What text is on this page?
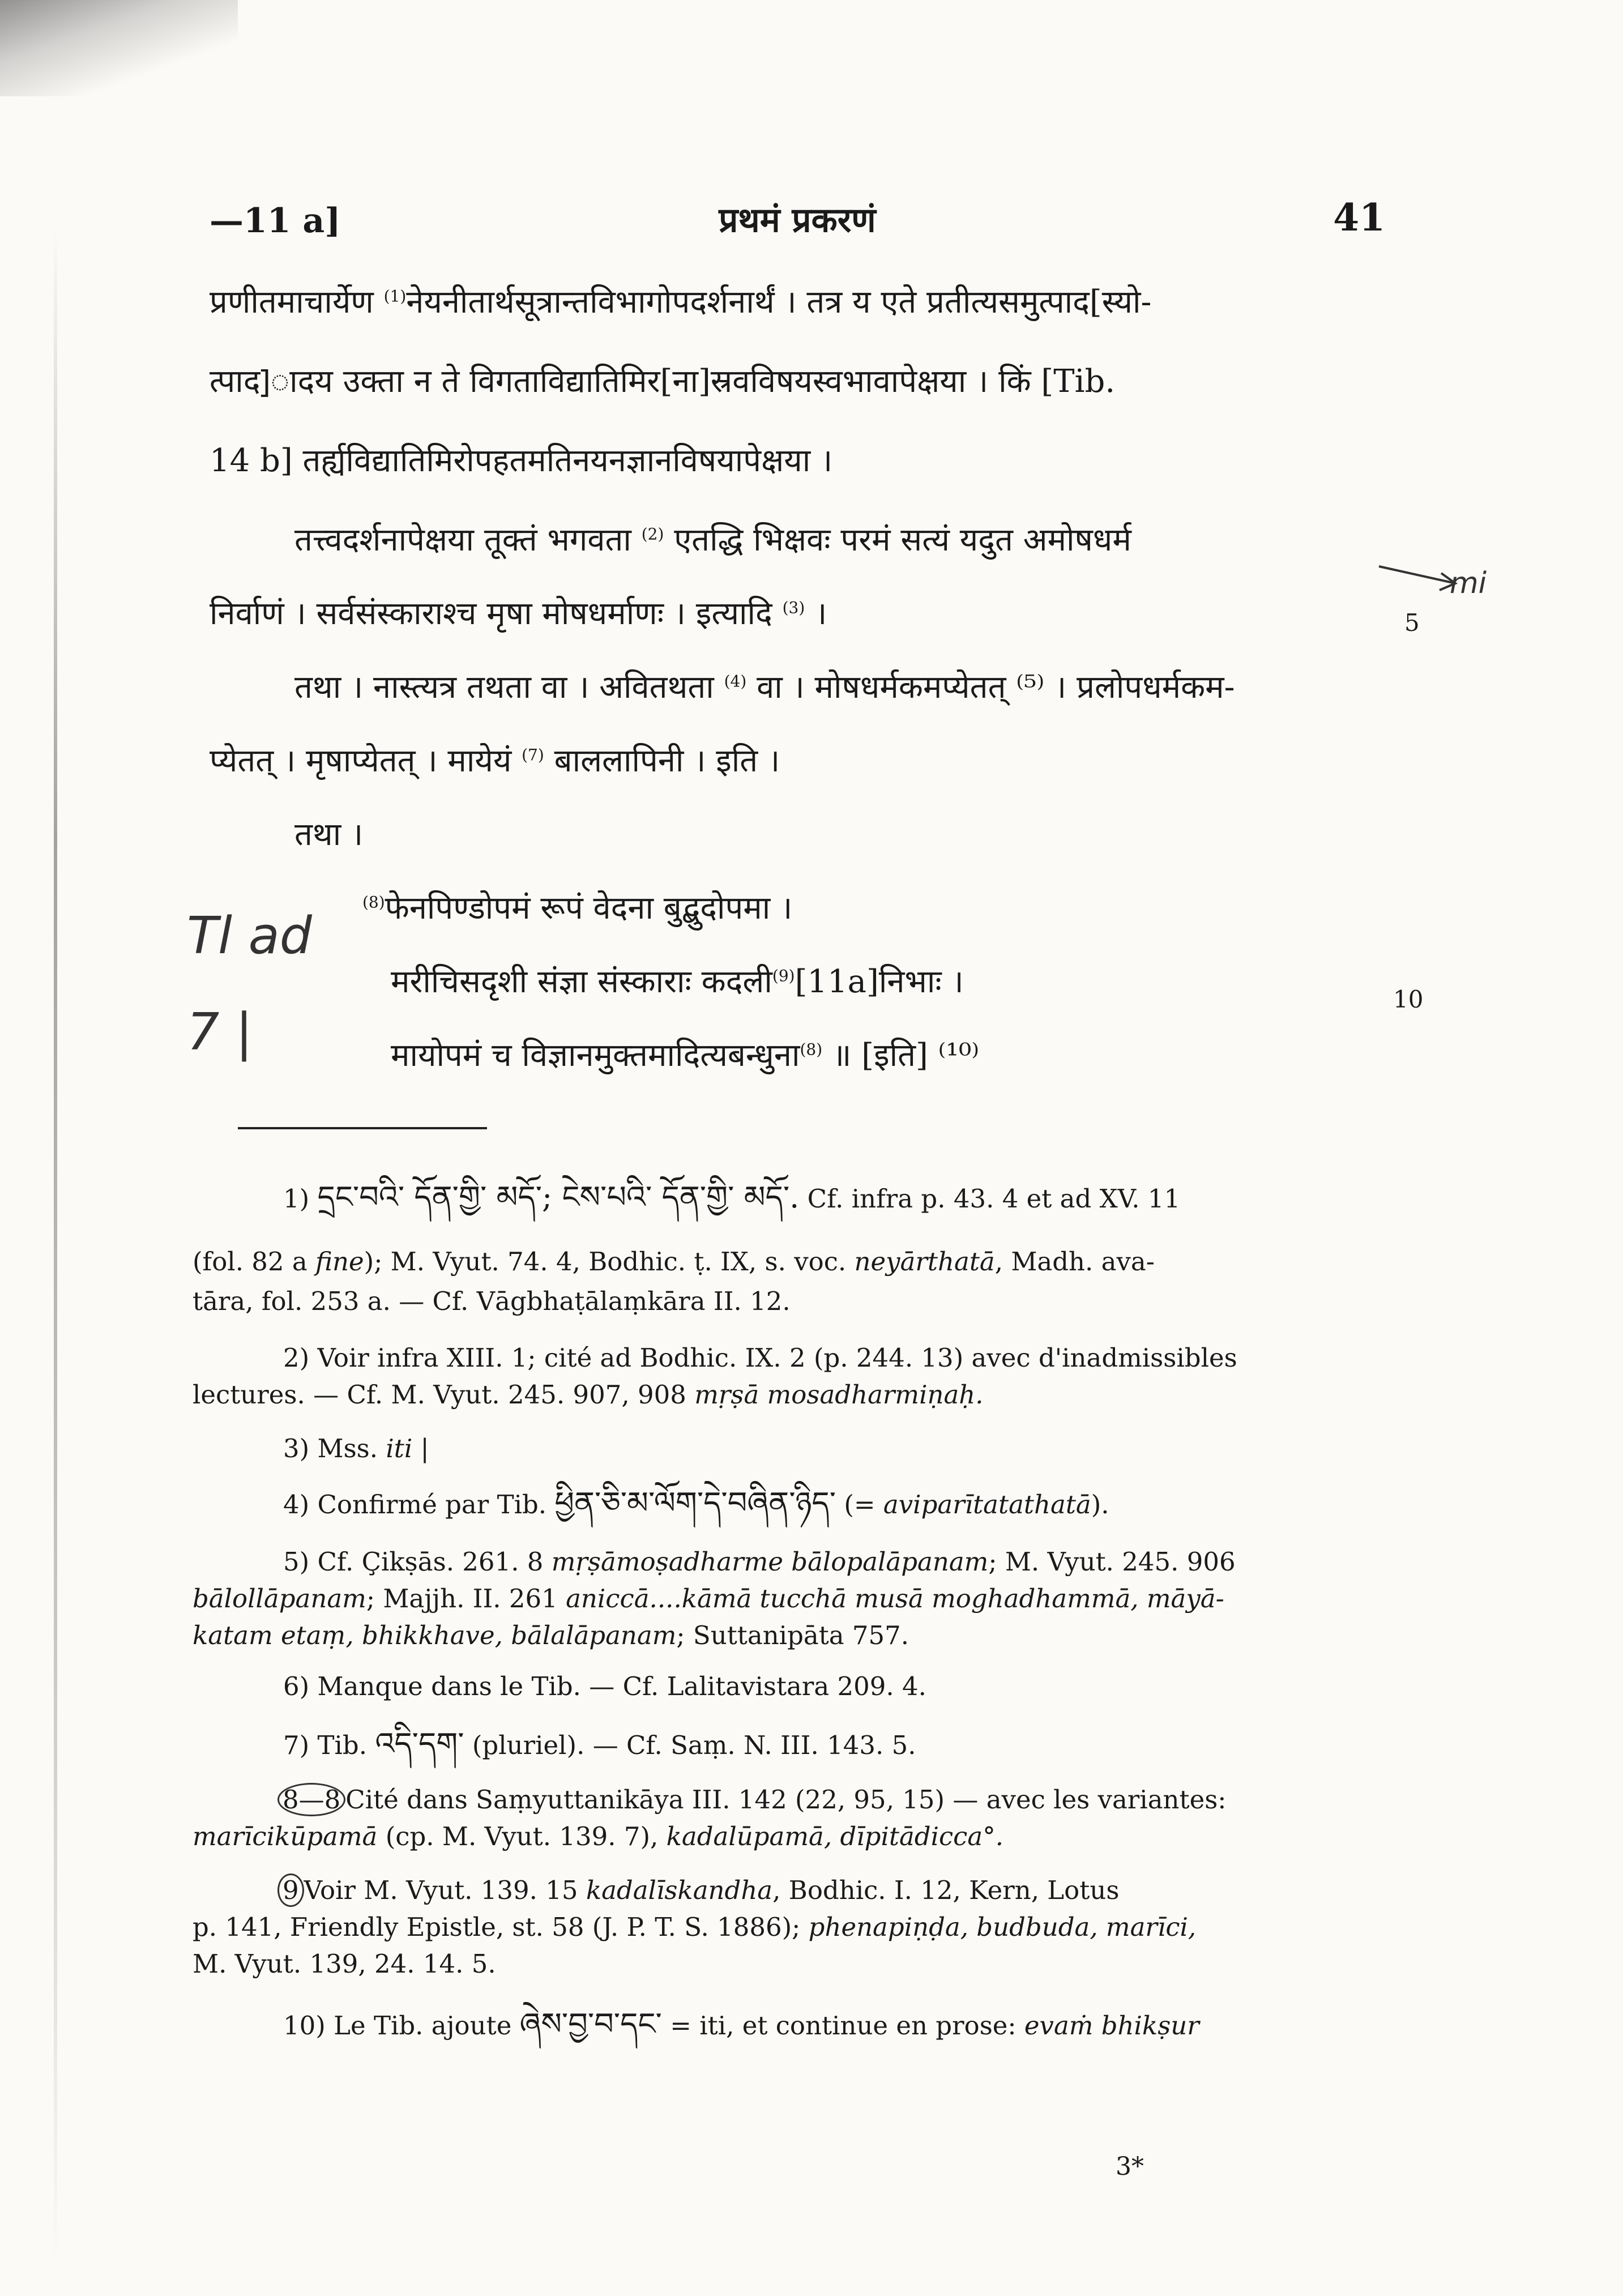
—11 a]	प्रथमं प्रकरणं	41
प्रणीतमाचार्येण $^{(1)}$नेयनीतार्थसूत्रान्तविभागोपदर्शनार्थं । तत्र य एते प्रतीत्यसमुत्पाद[स्यो-
त्पाद]ादय उक्ता न ते विगताविद्यातिमिर[ना]स्रवविषयस्वभावापेक्षया । किं [Tib.
14 b] तर्ह्यविद्यातिमिरोपहतमतिनयनज्ञानविषयापेक्षया ।
तत्त्वदर्शनापेक्षया तूक्तं भगवता $^{(2)}$ एतद्धि भिक्षवः परमं सत्यं यदुत अमोषधर्म
निर्वाणं । सर्वसंस्काराश्च मृषा मोषधर्माणः । इत्यादि $^{(3)}$ ।
तथा । नास्त्यत्र तथता वा । अवितथता $^{(4)}$ वा । मोषधर्मकमप्येतत् ⁽⁵⁾ । प्रलोपधर्मकम-
प्येतत् । मृषाप्येतत् । मायेयं $^{(7)}$ बाललापिनी । इति ।
तथा ।
$^{(8)}$फेनपिण्डोपमं रूपं वेदना बुद्बुदोपमा ।
मरीचिसदृशी संज्ञा संस्काराः कदली$^{(9)}$[11a]निभाः ।
मायोपमं च विज्ञानमुक्तमादित्यबन्धुना$^{(8)}$ ॥ [इति] ⁽¹⁰⁾
5
10
mi
Tl ad
7 |
1) དྲང་བའི་ དོན་གྱི་ མདོ་; ངེས་པའི་ དོན་གྱི་ མདོ་. Cf. infra p. 43. 4 et ad XV. 11
(fol. 82 a fine); M. Vyut. 74. 4, Bodhic. ṭ. IX, s. voc. neyārthatā, Madh. ava-
tāra, fol. 253 a. — Cf. Vāgbhaṭālaṃkāra II. 12.
2) Voir infra XIII. 1; cité ad Bodhic. IX. 2 (p. 244. 13) avec d'inadmissibles
lectures. — Cf. M. Vyut. 245. 907, 908 mṛṣā mosadharmiṇaḥ.
3) Mss. iti |
4) Confirmé par Tib. ཕྱིན་ཅི་མ་ལོག་དེ་བཞིན་ཉིད་ (= aviparītatathatā).
5) Cf. Çikṣās. 261. 8 mṛṣāmoṣadharme bālopalāpanam; M. Vyut. 245. 906
bālollāpanam; Majjh. II. 261 aniccā....kāmā tucchā musā moghadhammā, māyā-
katam etaṃ, bhikkhave, bālalāpanam; Suttanipāta 757.
6) Manque dans le Tib. — Cf. Lalitavistara 209. 4.
7) Tib. འདི་དག་ (pluriel). — Cf. Saṃ. N. III. 143. 5.
8—8 Cité dans Saṃyuttanikāya III. 142 (22, 95, 15) — avec les variantes:
marīcikūpamā (cp. M. Vyut. 139. 7), kadalūpamā, dīpitādicca°.
9 Voir M. Vyut. 139. 15 kadalīskandha, Bodhic. I. 12, Kern, Lotus
p. 141, Friendly Epistle, st. 58 (J. P. T. S. 1886); phenapiṇḍa, budbuda, marīci,
M. Vyut. 139, 24. 14. 5.
10) Le Tib. ajoute ཞེས་བྱ་བ་དང་ = iti, et continue en prose: evaṁ bhikṣur
3*
